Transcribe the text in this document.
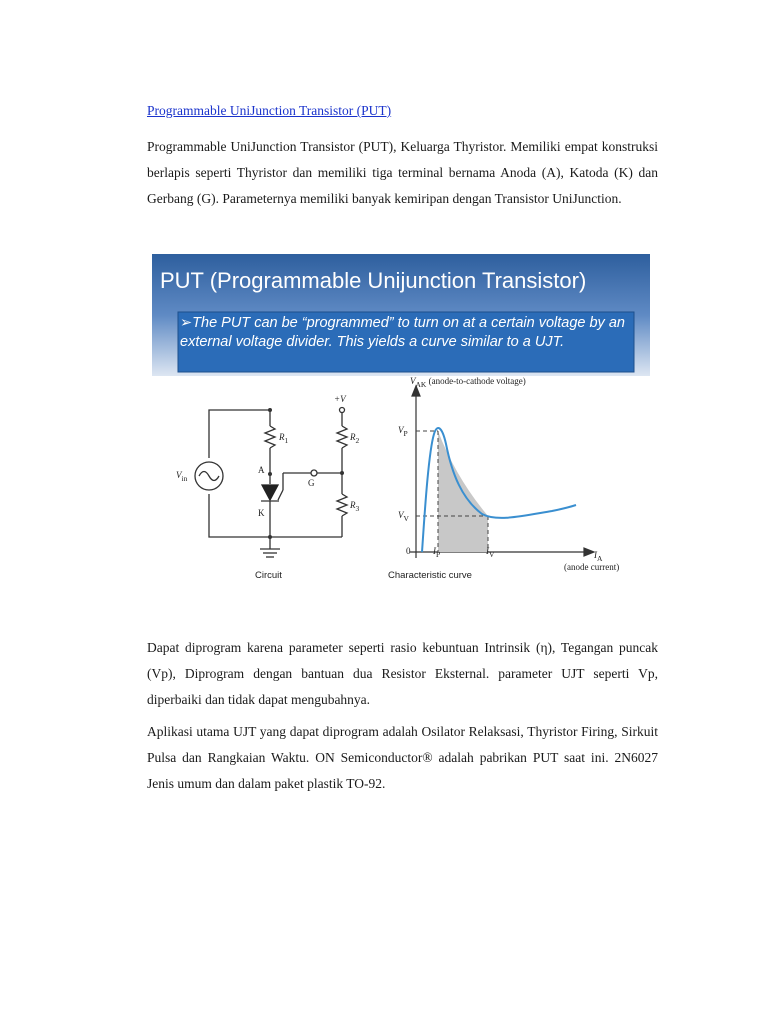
Programmable UniJunction Transistor (PUT)
Programmable UniJunction Transistor (PUT), Keluarga Thyristor. Memiliki empat konstruksi berlapis seperti Thyristor dan memiliki tiga terminal bernama Anoda (A), Katoda (K) dan Gerbang (G). Parameternya memiliki banyak kemiripan dengan Transistor UniJunction.
PUT (Programmable Unijunction Transistor)
➢The PUT can be “programmed” to turn on at a certain voltage by an external voltage divider. This yields a curve similar to a UJT.
$V_{in}$
+V
$R_1$	$R_2$
$R_3$
A
K
G
Circuit
$V_{AK}$ (anode-to-cathode voltage)
$V_P$
$V_V$
0	$I_P$	$I_V$	$I_A$
(anode current)
Characteristic curve
Dapat diprogram karena parameter seperti rasio kebuntuan Intrinsik (η), Tegangan puncak (Vp), Diprogram dengan bantuan dua Resistor Eksternal. parameter UJT seperti Vp, diperbaiki dan tidak dapat mengubahnya.
Aplikasi utama UJT yang dapat diprogram adalah Osilator Relaksasi, Thyristor Firing, Sirkuit Pulsa dan Rangkaian Waktu. ON Semiconductor® adalah pabrikan PUT saat ini. 2N6027 Jenis umum dan dalam paket plastik TO-92.
